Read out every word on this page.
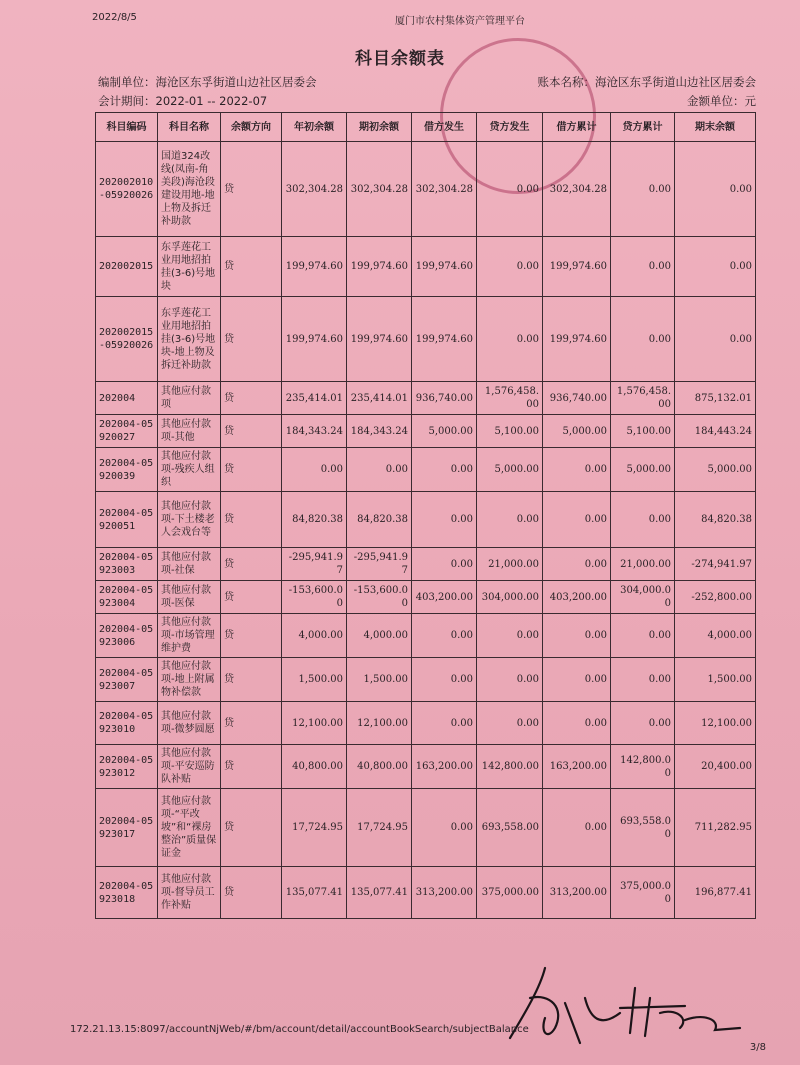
2022/8/5	厦门市农村集体资产管理平台
科目余额表
编制单位：海沧区东孚街道山边社区居委会
会计期间：2022-01 -- 2022-07
账本名称：海沧区东孚街道山边社区居委会
金额单位：元
科目编码	科目名称	余额方向	年初余额	期初余额	借方发生	贷方发生	借方累计	贷方累计	期末余额
202002010-05920026	国道324改线(凤南-角美段)海沧段建设用地-地上物及拆迁补助款	贷	302,304.28	302,304.28	302,304.28	0.00	302,304.28	0.00	0.00
202002015	东孚莲花工业用地招拍挂(3-6)号地块	贷	199,974.60	199,974.60	199,974.60	0.00	199,974.60	0.00	0.00
202002015-05920026	东孚莲花工业用地招拍挂(3-6)号地块-地上物及拆迁补助款	贷	199,974.60	199,974.60	199,974.60	0.00	199,974.60	0.00	0.00
202004	其他应付款项	贷	235,414.01	235,414.01	936,740.00	1,576,458.00	936,740.00	1,576,458.00	875,132.01
202004-05920027	其他应付款项-其他	贷	184,343.24	184,343.24	5,000.00	5,100.00	5,000.00	5,100.00	184,443.24
202004-05920039	其他应付款项-残疾人组织	贷	0.00	0.00	0.00	5,000.00	0.00	5,000.00	5,000.00
202004-05920051	其他应付款项-下土楼老人会戏台等	贷	84,820.38	84,820.38	0.00	0.00	0.00	0.00	84,820.38
202004-05923003	其他应付款项-社保	贷	-295,941.97	-295,941.97	0.00	21,000.00	0.00	21,000.00	-274,941.97
202004-05923004	其他应付款项-医保	贷	-153,600.00	-153,600.00	403,200.00	304,000.00	403,200.00	304,000.00	-252,800.00
202004-05923006	其他应付款项-市场管理维护费	贷	4,000.00	4,000.00	0.00	0.00	0.00	0.00	4,000.00
202004-05923007	其他应付款项-地上附属物补偿款	贷	1,500.00	1,500.00	0.00	0.00	0.00	0.00	1,500.00
202004-05923010	其他应付款项-微梦圆愿	贷	12,100.00	12,100.00	0.00	0.00	0.00	0.00	12,100.00
202004-05923012	其他应付款项-平安巡防队补贴	贷	40,800.00	40,800.00	163,200.00	142,800.00	163,200.00	142,800.00	20,400.00
202004-05923017	其他应付款项-“平改坡”和“裸房整治”质量保证金	贷	17,724.95	17,724.95	0.00	693,558.00	0.00	693,558.00	711,282.95
202004-05923018	其他应付款项-督导员工作补贴	贷	135,077.41	135,077.41	313,200.00	375,000.00	313,200.00	375,000.00	196,877.41
172.21.13.15:8097/accountNjWeb/#/bm/account/detail/accountBookSearch/subjectBalance
3/8
